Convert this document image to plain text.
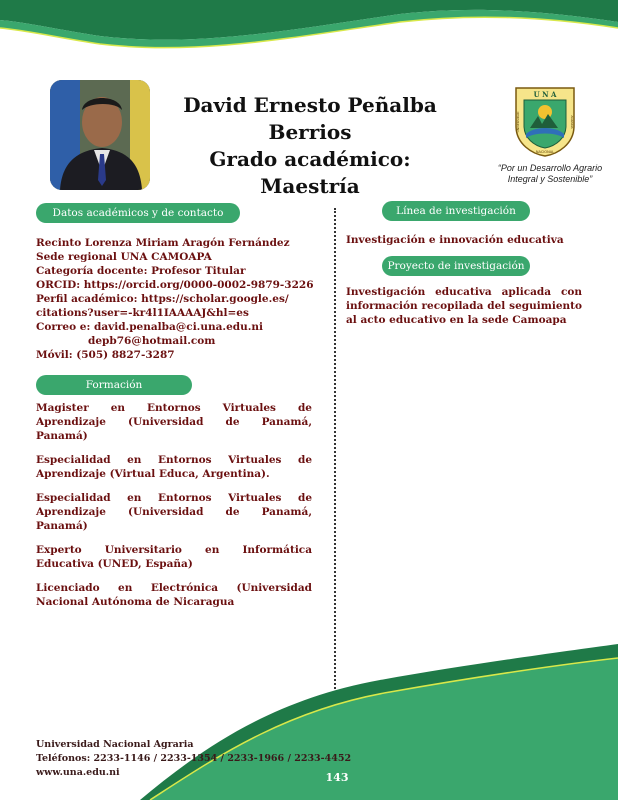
David Ernesto Peñalba Berrios
Grado académico: Maestría
U N A
UNIVERSIDAD	AGRARIA
NACIONAL
“Por un Desarrollo Agrario
Integral y Sostenible”
Datos académicos y de contacto
Recinto Lorenza Miriam Aragón Fernández
Sede regional UNA CAMOAPA
Categoría docente: Profesor Titular
ORCID: https://orcid.org/0000-0002-9879-3226
Perfil académico: https://scholar.google.es/
citations?user=-kr4l1IAAAAJ&hl=es
Correo e: david.penalba@ci.una.edu.ni
depb76@hotmail.com
Móvil: (505) 8827-3287
Formación
Magister en Entornos Virtuales de Aprendizaje (Universidad de Panamá, Panamá)
Especialidad en Entornos Virtuales de Aprendizaje (Virtual Educa, Argentina).
Especialidad en Entornos Virtuales de Aprendizaje (Universidad de Panamá, Panamá)
Experto Universitario en Informática Educativa (UNED, España)
Licenciado en Electrónica (Universidad Nacional Autónoma de Nicaragua
Línea de investigación
Investigación e innovación educativa
Proyecto de investigación
Investigación educativa aplicada con información recopilada del seguimiento al acto educativo en la sede Camoapa
Universidad Nacional Agraria
Teléfonos: 2233-1146 / 2233-1354 / 2233-1966 / 2233-4452
www.una.edu.ni	143
